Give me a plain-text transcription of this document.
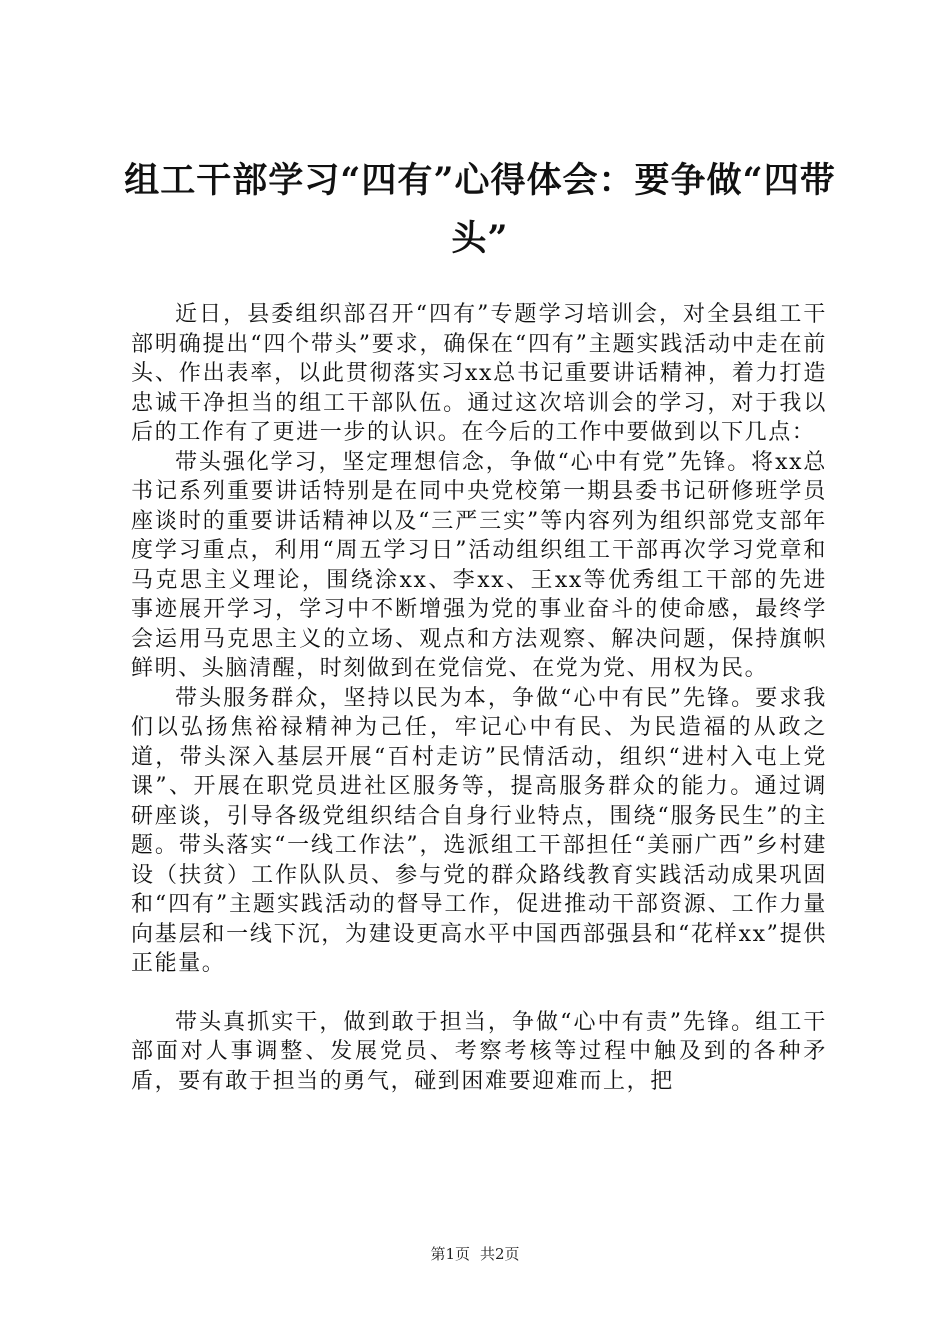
组工干部学习“四有”心得体会：要争做“四带头”

近日，县委组织部召开“四有”专题学习培训会，对全县组工干部明确提出“四个带头”要求，确保在“四有”主题实践活动中走在前头、作出表率，以此贯彻落实习xx总书记重要讲话精神，着力打造忠诚干净担当的组工干部队伍。通过这次培训会的学习，对于我以后的工作有了更进一步的认识。在今后的工作中要做到以下几点：

带头强化学习，坚定理想信念，争做“心中有党”先锋。将xx总书记系列重要讲话特别是在同中央党校第一期县委书记研修班学员座谈时的重要讲话精神以及“三严三实”等内容列为组织部党支部年度学习重点，利用“周五学习日”活动组织组工干部再次学习党章和马克思主义理论，围绕涂xx、李xx、王xx等优秀组工干部的先进事迹展开学习，学习中不断增强为党的事业奋斗的使命感，最终学会运用马克思主义的立场、观点和方法观察、解决问题，保持旗帜鲜明、头脑清醒，时刻做到在党信党、在党为党、用权为民。

带头服务群众，坚持以民为本，争做“心中有民”先锋。要求我们以弘扬焦裕禄精神为己任，牢记心中有民、为民造福的从政之道，带头深入基层开展“百村走访”民情活动，组织“进村入屯上党课”、开展在职党员进社区服务等，提高服务群众的能力。通过调研座谈，引导各级党组织结合自身行业特点，围绕“服务民生”的主题。带头落实“一线工作法”，选派组工干部担任“美丽广西”乡村建设（扶贫）工作队队员、参与党的群众路线教育实践活动成果巩固和“四有”主题实践活动的督导工作，促进推动干部资源、工作力量向基层和一线下沉，为建设更高水平中国西部强县和“花样xx”提供正能量。

带头真抓实干，做到敢于担当，争做“心中有责”先锋。组工干部面对人事调整、发展党员、考察考核等过程中触及到的各种矛盾，要有敢于担当的勇气，碰到困难要迎难而上，把

第1页 共2页
